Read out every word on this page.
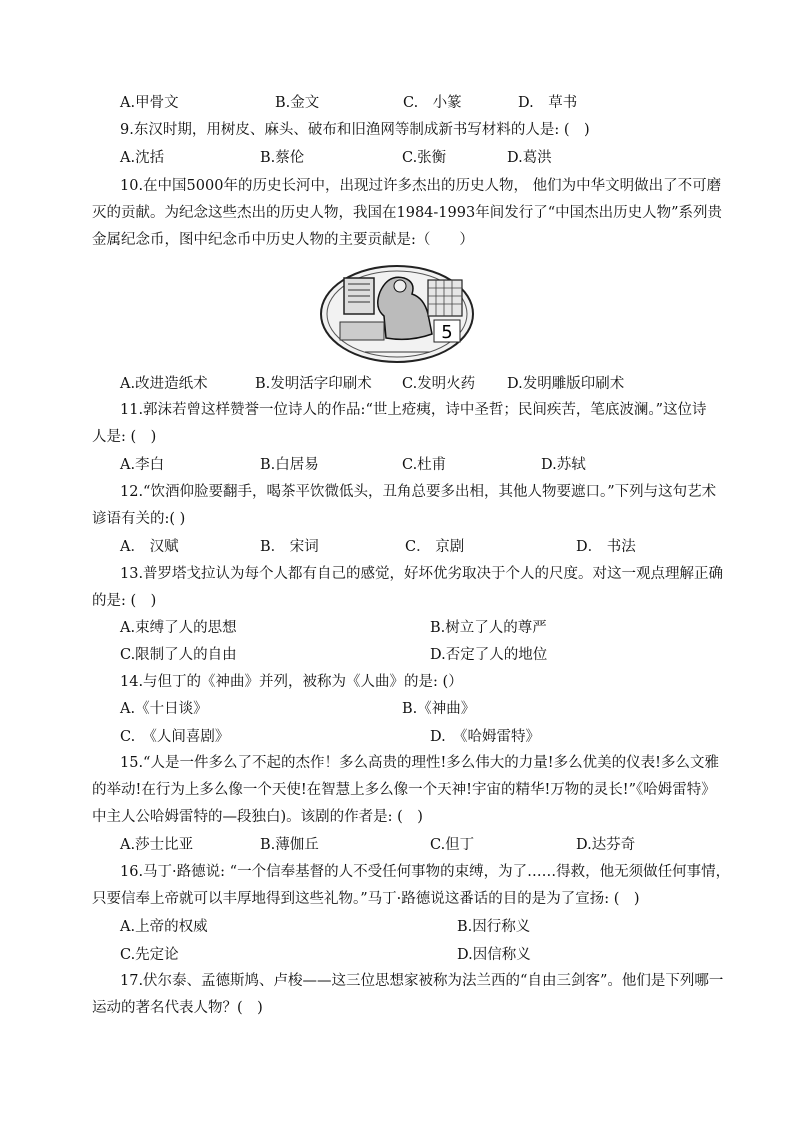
A.甲骨文	B.金文	C.　小篆	D.　草书
9.东汉时期，用树皮、麻头、破布和旧渔网等制成新书写材料的人是: (　)
A.沈括	B.蔡伦	C.张衡	D.葛洪
10.在中国5000年的历史长河中，出现过许多杰出的历史人物， 他们为中华文明做出了不可磨
灭的贡献。为纪念这些杰出的历史人物，我国在1984-1993年间发行了“中国杰出历史人物”系列贵
金属纪念币，图中纪念币中历史人物的主要贡献是:（　　）
5
A.改进造纸术	B.发明活字印刷术 C.发明火药 D.发明雕版印刷术
11.郭沫若曾这样赞誉一位诗人的作品:“世上疮痍，诗中圣哲；民间疾苦，笔底波澜。”这位诗
人是: (　)
A.李白	B.白居易	C.杜甫	D.苏轼
12.“饮酒仰脸要翻手，喝茶平饮微低头，丑角总要多出相，其他人物要遮口。”下列与这句艺术
谚语有关的:( )
A． 汉赋	B． 宋词	C． 京剧	D． 书法
13.普罗塔戈拉认为每个人都有自己的感觉，好坏优劣取决于个人的尺度。对这一观点理解正确
的是: (　)
A.束缚了人的思想	B.树立了人的尊严
C.限制了人的自由	D.否定了人的地位
14.与但丁的《神曲》并列，被称为《人曲》的是: (）
A.《十日谈》	B.《神曲》
C.　《人间喜剧》	D.　《哈姆雷特》
15.“人是一件多么了不起的杰作！多么高贵的理性!多么伟大的力量!多么优美的仪表!多么文雅
的举动!在行为上多么像一个天使!在智慧上多么像一个天神!宇宙的精华!万物的灵长!”《哈姆雷特》
中主人公哈姆雷特的—段独白)。该剧的作者是: (　)
A.莎士比亚	B.薄伽丘	C.但丁	D.达芬奇
16.马丁·路德说: “一个信奉基督的人不受任何事物的束缚，为了……得救，他无须做任何事情，
只要信奉上帝就可以丰厚地得到这些礼物。”马丁·路德说这番话的目的是为了宣扬: (　)
A.上帝的权威	B.因行称义
C.先定论	D.因信称义
17.伏尔泰、孟德斯鸠、卢梭——这三位思想家被称为法兰西的“自由三剑客”。他们是下列哪一
运动的著名代表人物？(　)
